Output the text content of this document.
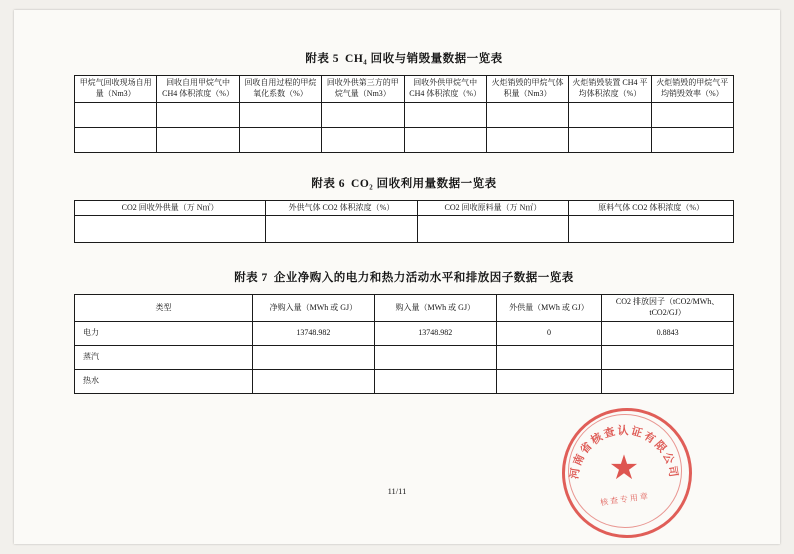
附表 5 CH₄ 回收与销毁量数据一览表

甲烷气回收现场自用量（Nm3）	回收自用甲烷气中CH4 体积浓度（%）	回收自用过程的甲烷氧化系数（%）	回收外供第三方的甲烷气量（Nm3）	回收外供甲烷气中 CH4 体积浓度（%）	火炬销毁的甲烷气体积量（Nm3）	火炬销毁装置 CH4 平均体积浓度（%）	火炬销毁的甲烷气平均销毁效率（%）

附表 6 CO₂ 回收利用量数据一览表

CO2 回收外供量（万 N㎥）	外供气体 CO2 体积浓度（%）	CO2 回收原料量（万 N㎥）	原料气体 CO2 体积浓度（%）

附表 7 企业净购入的电力和热力活动水平和排放因子数据一览表

类型	净购入量（MWh 或 GJ）	购入量（MWh 或 GJ）	外供量（MWh 或 GJ）	CO2 排放因子（tCO2/MWh、tCO2/GJ）
电力	13748.982	13748.982	0	0.8843
蒸汽				
热水				
11/11
河南省核查认证有限公司
★
核 查 专 用 章
